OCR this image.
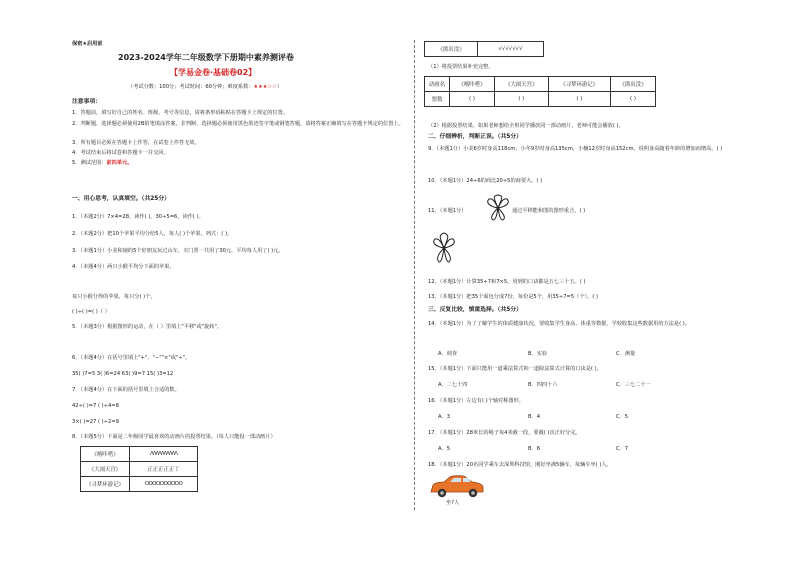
保密★启用前
2023-2024学年二年级数学下册期中素养测评卷
【学易金卷·基础卷02】
（考试分数：100分；考试时间：60分钟；难度系数：★★★☆☆）
注意事项：
1．答题前，填写好自己的姓名、班级、考号等信息，请将条形码粘贴在答题卡上规定的位置。
2．判断题、选择题必须使用2B铅笔填涂答案，非判断、选择题必须使用黑色墨迹签字笔或钢笔答题，请将答案正确填写在答题卡规定的位置上。
3．所有题目必须在答题卡上作答，在试卷上作答无效。
4．考试结束后将试卷和答题卡一并交回。
5．测试范围：前四单元。
一、用心思考，认真填空。（共25分）
1．（本题2分）7×4=28，读作( )，30÷5=6，读作( )。
2．（本题2分）把10个苹果平均分给5人，每人( )个苹果，列式：( )。
3．（本题1分）小美和她的5个好朋友玩过山车，买门票一共用了30元，平均每人用了( )元。
4．（本题4分）两只小猴平均分下面的苹果。
每只小猴分得的苹果，每只分( )个。
( )÷( )=( )（ ）
5．（本题3分）根据图形的运动，在（ ）里填上"平移"或"旋转"。
6．（本题4分）在括号里填上"+"、"−""×"或"÷"。
35( )7=5 3( )6=24 63( )9=7 15( )3=12
7．（本题4分）在下面的括号里填上合适的数。
42÷( )=7 ( )÷4=8
3×( )=27 ( )÷2=9
8．（本题5分）下面是二年级同学最喜欢的动画片的投票结果。（每人只能投一部动画片）
《喀咔嗒》	ᐱᐱᐱᐱᐱᐱᐱᐱᐱᐱ
《大闹天宫》	正正正正正丅
《寻梦环游记》	OOOOOOOOOO
《熊出没》	√√√√√√√
（1）将投票结果补充完整。
动画名	《喀咔嗒》	《大闹天宫》	《寻梦环游记》	《熊出没》
票数	( )	( )	( )	( )
（2）根据投票结果，如果老师想给全班同学播放同一部动画片，老师可能会播放( )。
二、仔细辨析，判断正误。（共5分）
9．（本题1分）小美6岁时身高118cm，小冬9岁时身高135cm，小楠12岁时身高152cm，说明身高随着年龄的增加而增高。( )
10．（本题1分）24÷6的商比20÷5的商要大。( )
11．（本题1分）	通过平移能和图的图形重合。( )
12．（本题1分）计算35÷7和7×5，用到的口诀都是五七三十五。( )
13．（本题1分）把35个面包分成7份，每份是5个，用35÷7=5（个）。( )
三、反复比较，慎重选择。（共5分）
14．（本题1分）为了了解学生的体质健康状况，要收集学生身高、体重等数据。学校收集这些数据用的方法是( )。
A．调查	B．实验	C．测量
15．（本题1分）下面只能用一道乘法算式和一道除法算式计算的口诀是( )。
A．二七十四	B．四四十六	C．三七二十一
16．（本题1分）左边有( )个轴对称图形。
A．3	B．4	C．5
17．（本题1分）28米长的绳子每4米截一段，要截( )次正好分完。
A．5	B．6	C．7
18．（本题1分）20名同学乘车去深圳科技馆，刚好坐满5辆车，每辆车坐( )人。
坐?人
